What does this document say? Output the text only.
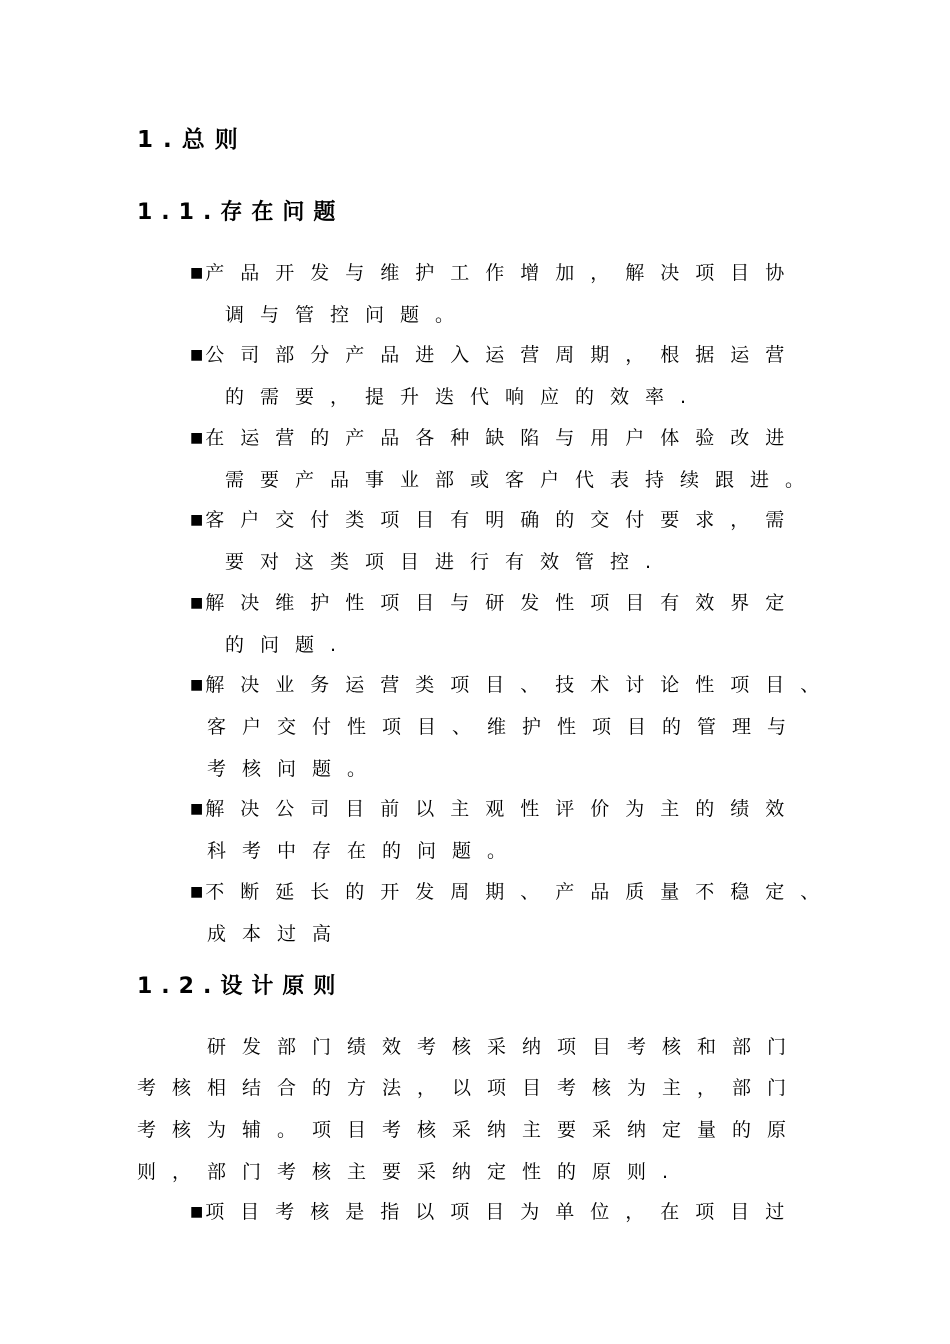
1.总则
1.1.存在问题
■ 产品开发与维护工作增加，解决项目协
调与管控问题。
■ 公司部分产品进入运营周期，根据运营
的需要，提升迭代响应的效率.
■ 在运营的产品各种缺陷与用户体验改进
需要产品事业部或客户代表持续跟进。
■ 客户交付类项目有明确的交付要求，需
要对这类项目进行有效管控.
■ 解决维护性项目与研发性项目有效界定
的问题.
■ 解决业务运营类项目、技术讨论性项目、
客户交付性项目、维护性项目的管理与
考核问题。
■ 解决公司目前以主观性评价为主的绩效
科考中存在的问题。
■ 不断延长的开发周期、产品质量不稳定、
成本过高
1.2.设计原则
研发部门绩效考核采纳项目考核和部门
考核相结合的方法，以项目考核为主，部门
考核为辅。项目考核采纳主要采纳定量的原
则，部门考核主要采纳定性的原则.
■ 项目考核是指以项目为单位，在项目过
